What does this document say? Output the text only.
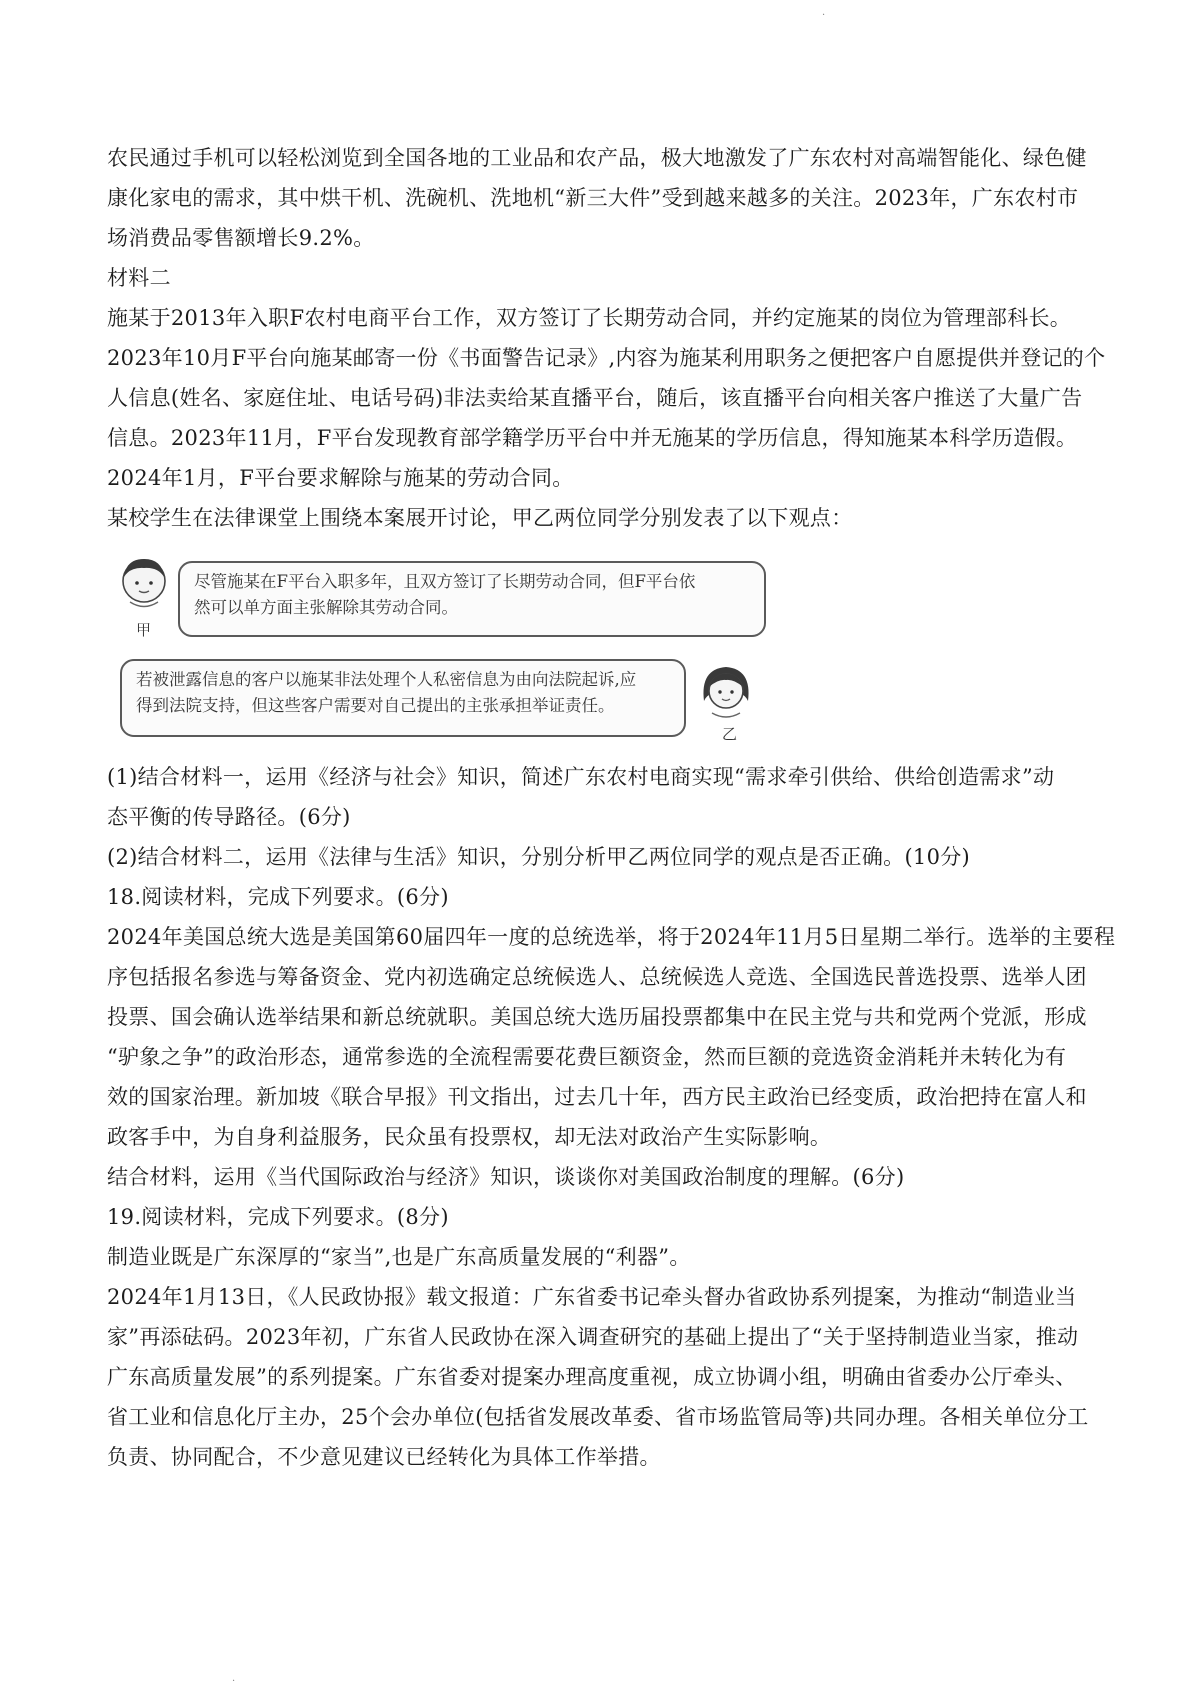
·
农民通过手机可以轻松浏览到全国各地的工业品和农产品，极大地激发了广东农村对高端智能化、绿色健
康化家电的需求，其中烘干机、洗碗机、洗地机“新三大件”受到越来越多的关注。2023年，广东农村市
场消费品零售额增长9.2%。
材料二
施某于2013年入职F农村电商平台工作，双方签订了长期劳动合同，并约定施某的岗位为管理部科长。
2023年10月F平台向施某邮寄一份《书面警告记录》,内容为施某利用职务之便把客户自愿提供并登记的个
人信息(姓名、家庭住址、电话号码)非法卖给某直播平台，随后，该直播平台向相关客户推送了大量广告
信息。2023年11月，F平台发现教育部学籍学历平台中并无施某的学历信息，得知施某本科学历造假。
2024年1月，F平台要求解除与施某的劳动合同。
某校学生在法律课堂上围绕本案展开讨论，甲乙两位同学分别发表了以下观点：
甲
尽管施某在F平台入职多年，且双方签订了长期劳动合同，但F平台依
然可以单方面主张解除其劳动合同。
若被泄露信息的客户以施某非法处理个人私密信息为由向法院起诉,应
得到法院支持，但这些客户需要对自己提出的主张承担举证责任。
乙
(1)结合材料一，运用《经济与社会》知识，简述广东农村电商实现“需求牵引供给、供给创造需求”动
态平衡的传导路径。(6分)
(2)结合材料二，运用《法律与生活》知识，分别分析甲乙两位同学的观点是否正确。(10分)
18.阅读材料，完成下列要求。(6分)
2024年美国总统大选是美国第60届四年一度的总统选举，将于2024年11月5日星期二举行。选举的主要程
序包括报名参选与筹备资金、党内初选确定总统候选人、总统候选人竞选、全国选民普选投票、选举人团
投票、国会确认选举结果和新总统就职。美国总统大选历届投票都集中在民主党与共和党两个党派，形成
“驴象之争”的政治形态，通常参选的全流程需要花费巨额资金，然而巨额的竞选资金消耗并未转化为有
效的国家治理。新加坡《联合早报》刊文指出，过去几十年，西方民主政治已经变质，政治把持在富人和
政客手中，为自身利益服务，民众虽有投票权，却无法对政治产生实际影响。
结合材料，运用《当代国际政治与经济》知识，谈谈你对美国政治制度的理解。(6分)
19.阅读材料，完成下列要求。(8分)
制造业既是广东深厚的“家当”,也是广东高质量发展的“利器”。
2024年1月13日，《人民政协报》载文报道：广东省委书记牵头督办省政协系列提案，为推动“制造业当
家”再添砝码。2023年初，广东省人民政协在深入调查研究的基础上提出了“关于坚持制造业当家，推动
广东高质量发展”的系列提案。广东省委对提案办理高度重视，成立协调小组，明确由省委办公厅牵头、
省工业和信息化厅主办，25个会办单位(包括省发展改革委、省市场监管局等)共同办理。各相关单位分工
负责、协同配合，不少意见建议已经转化为具体工作举措。
·
